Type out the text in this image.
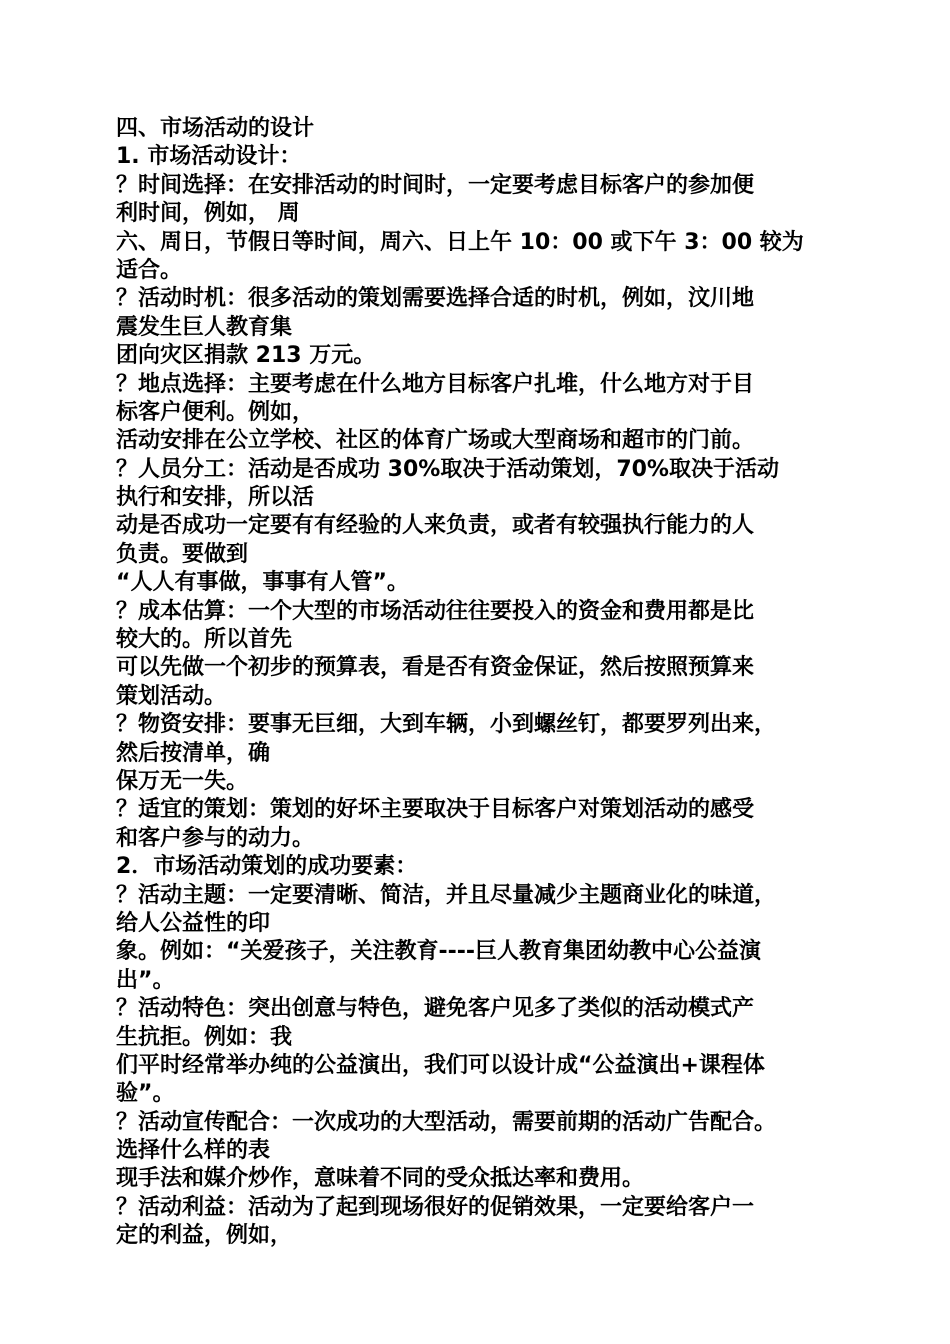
四、市场活动的设计
1. 市场活动设计：
？时间选择：在安排活动的时间时，一定要考虑目标客户的参加便
利时间，例如， 周
六、周日，节假日等时间，周六、日上午 10：00 或下午 3：00 较为
适合。
？活动时机：很多活动的策划需要选择合适的时机，例如，汶川地
震发生巨人教育集
团向灾区捐款 213 万元。
？地点选择：主要考虑在什么地方目标客户扎堆，什么地方对于目
标客户便利。例如，
活动安排在公立学校、社区的体育广场或大型商场和超市的门前。
？人员分工：活动是否成功 30%取决于活动策划，70%取决于活动
执行和安排，所以活
动是否成功一定要有有经验的人来负责，或者有较强执行能力的人
负责。要做到
“人人有事做，事事有人管”。
？成本估算：一个大型的市场活动往往要投入的资金和费用都是比
较大的。所以首先
可以先做一个初步的预算表，看是否有资金保证，然后按照预算来
策划活动。
？物资安排：要事无巨细，大到车辆，小到螺丝钉，都要罗列出来，
然后按清单，确
保万无一失。
？适宜的策划：策划的好坏主要取决于目标客户对策划活动的感受
和客户参与的动力。
2．市场活动策划的成功要素：
？活动主题：一定要清晰、简洁，并且尽量减少主题商业化的味道，
给人公益性的印
象。例如：“关爱孩子，关注教育----巨人教育集团幼教中心公益演
出”。
？活动特色：突出创意与特色，避免客户见多了类似的活动模式产
生抗拒。例如：我
们平时经常举办纯的公益演出，我们可以设计成“公益演出+课程体
验”。
？活动宣传配合：一次成功的大型活动，需要前期的活动广告配合。
选择什么样的表
现手法和媒介炒作，意味着不同的受众抵达率和费用。
？活动利益：活动为了起到现场很好的促销效果，一定要给客户一
定的利益，例如，
